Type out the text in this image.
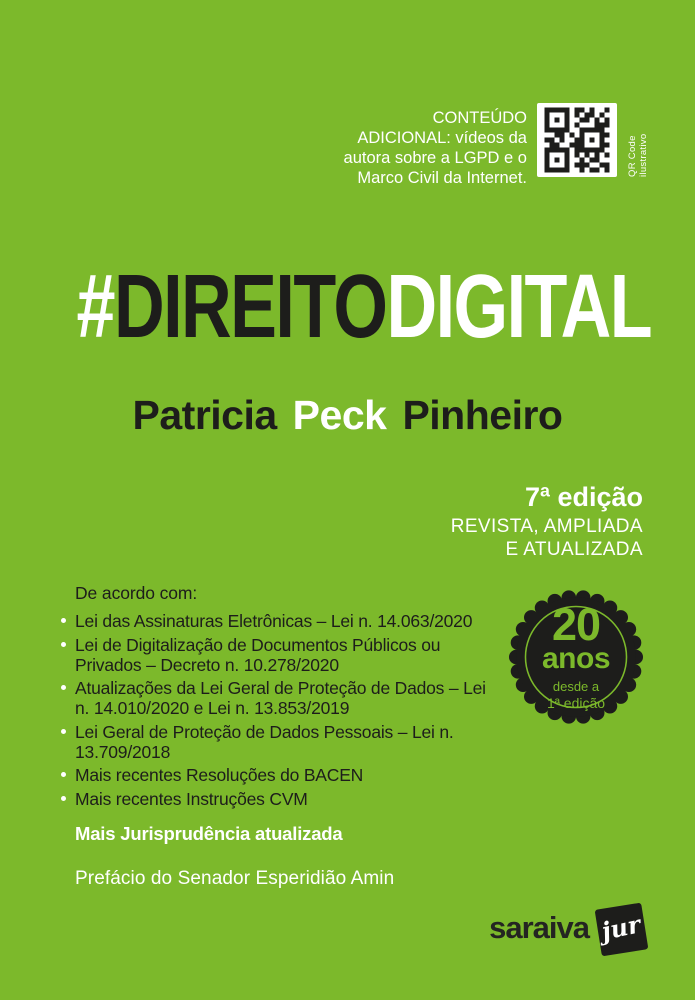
CONTEÚDO
ADICIONAL: vídeos da
autora sobre a LGPD e o
Marco Civil da Internet.
QR Code ilustrativo
#DIREITODIGITAL
Patricia Peck Pinheiro
7ª edição
REVISTA, AMPLIADA
E ATUALIZADA
De acordo com:
Lei das Assinaturas Eletrônicas – Lei n. 14.063/2020
Lei de Digitalização de Documentos Públicos ou Privados – Decreto n. 10.278/2020
Atualizações da Lei Geral de Proteção de Dados – Lei n. 14.010/2020 e Lei n. 13.853/2019
Lei Geral de Proteção de Dados Pessoais – Lei n. 13.709/2018
Mais recentes Resoluções do BACEN
Mais recentes Instruções CVM
20
anos
desde a
1ª edição
Mais Jurisprudência atualizada
Prefácio do Senador Esperidião Amin
saraiva jur
